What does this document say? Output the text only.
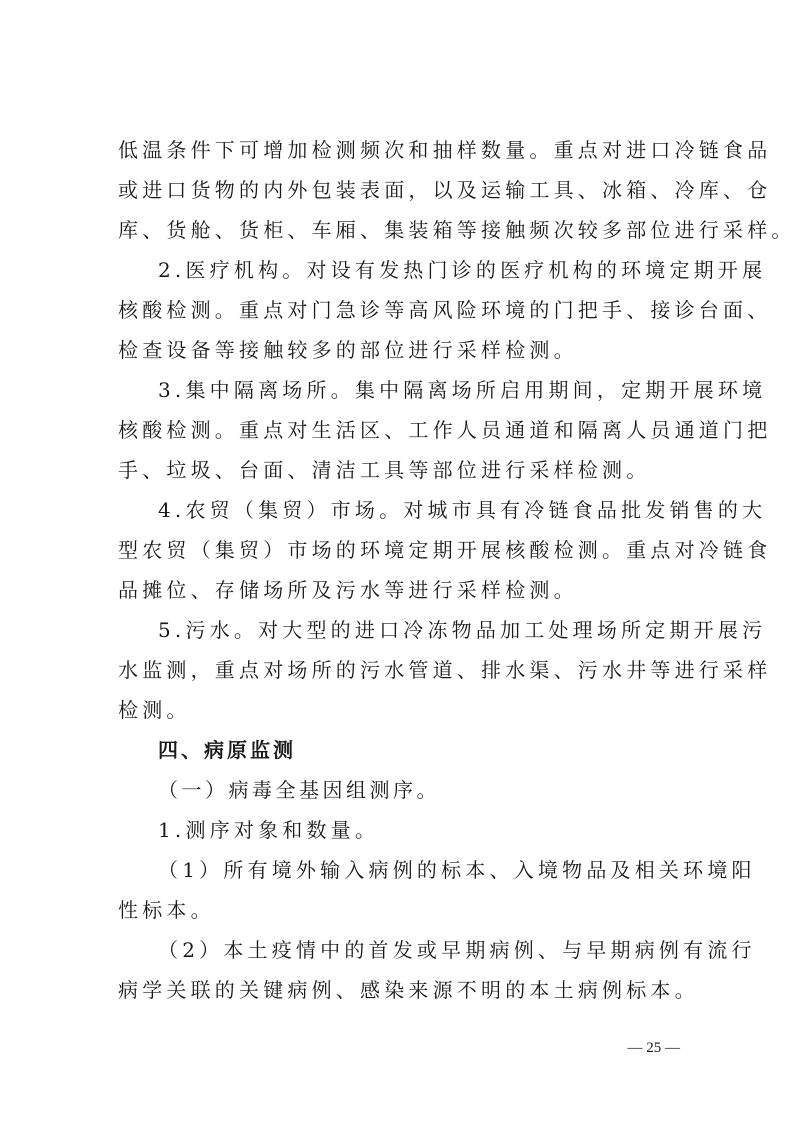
低温条件下可增加检测频次和抽样数量。重点对进口冷链食品
或进口货物的内外包装表面，以及运输工具、冰箱、冷库、仓
库、货舱、货柜、车厢、集装箱等接触频次较多部位进行采样。
2.医疗机构。对设有发热门诊的医疗机构的环境定期开展
核酸检测。重点对门急诊等高风险环境的门把手、接诊台面、
检查设备等接触较多的部位进行采样检测。
3.集中隔离场所。集中隔离场所启用期间，定期开展环境
核酸检测。重点对生活区、工作人员通道和隔离人员通道门把
手、垃圾、台面、清洁工具等部位进行采样检测。
4.农贸（集贸）市场。对城市具有冷链食品批发销售的大
型农贸（集贸）市场的环境定期开展核酸检测。重点对冷链食
品摊位、存储场所及污水等进行采样检测。
5.污水。对大型的进口冷冻物品加工处理场所定期开展污
水监测，重点对场所的污水管道、排水渠、污水井等进行采样
检测。
四、病原监测
（一）病毒全基因组测序。
1.测序对象和数量。
（1）所有境外输入病例的标本、入境物品及相关环境阳
性标本。
（2）本土疫情中的首发或早期病例、与早期病例有流行
病学关联的关键病例、感染来源不明的本土病例标本。
— 25 —
